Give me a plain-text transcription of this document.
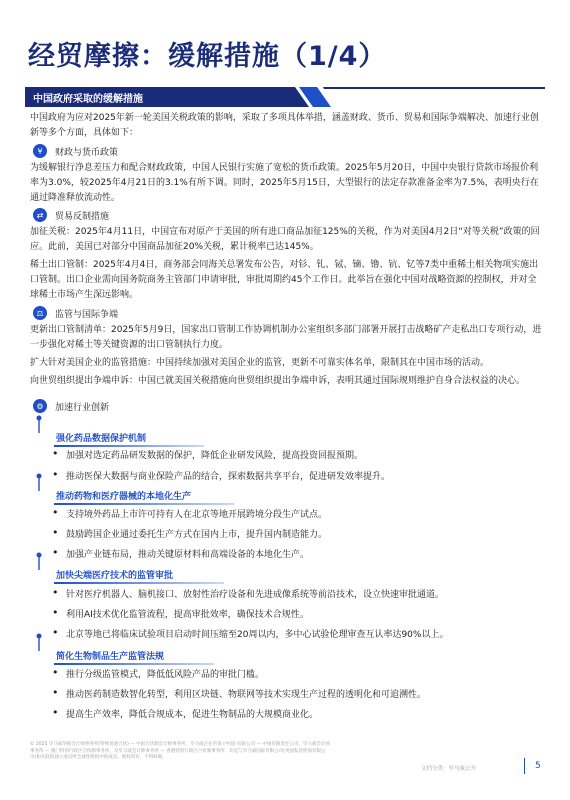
经贸摩擦：缓解措施（1/4）
中国政府采取的缓解措施
中国政府为应对2025年新一轮美国关税政策的影响，采取了多项具体举措，涵盖财政、货币、贸易和国际争端解决、加速行业创新等多个方面，具体如下：
¥	财政与货币政策
为缓解银行净息差压力和配合财政政策，中国人民银行实施了宽松的货币政策。2025年5月20日，中国中央银行贷款市场报价利率为3.0%，较2025年4月21日的3.1%有所下调。同时，2025年5月15日，大型银行的法定存款准备金率为7.5%，表明央行在通过降准释放流动性。
⇄	贸易反制措施
加征关税：2025年4月11日，中国宣布对原产于美国的所有进口商品加征125%的关税，作为对美国4月2日“对等关税”政策的回应。此前，美国已对部分中国商品加征20%关税，累计税率已达145%。
稀土出口管制：2025年4月4日，商务部会同海关总署发布公告，对钐、钆、铽、镝、镥、钪、钇等7类中重稀土相关物项实施出口管制。出口企业需向国务院商务主管部门申请审批，审批周期约45个工作日。此举旨在强化中国对战略资源的控制权，并对全球稀土市场产生深远影响。
⚖	监管与国际争端
更新出口管制清单：2025年5月9日，国家出口管制工作协调机制办公室组织多部门部署开展打击战略矿产走私出口专项行动，进一步强化对稀土等关键资源的出口管制执行力度。
扩大针对美国企业的监管措施：中国持续加强对美国企业的监管，更新不可靠实体名单，限制其在中国市场的活动。
向世贸组织提出争端申诉：中国已就美国关税措施向世贸组织提出争端申诉，表明其通过国际规则维护自身合法权益的决心。
⚙	加速行业创新
强化药品数据保护机制
• 加强对选定药品研发数据的保护，降低企业研发风险，提高投资回报预期。
• 推动医保大数据与商业保险产品的结合，探索数据共享平台，促进研发效率提升。
推动药物和医疗器械的本地化生产
• 支持境外药品上市许可持有人在北京等地开展跨境分段生产试点。
• 鼓励跨国企业通过委托生产方式在国内上市，提升国内制造能力。
• 加强产业链布局，推动关键原材料和高端设备的本地化生产。
加快尖端医疗技术的监管审批
• 针对医疗机器人、脑机接口、放射性治疗设备和先进成像系统等前沿技术，设立快速审批通道。
• 利用AI技术优化监管流程，提高审批效率，确保技术合规性。
• 北京等地已将临床试验项目启动时间压缩至20周以内，多中心试验伦理审查互认率达90%以上。
简化生物制品生产监管法规
• 推行分级监管模式，降低低风险产品的审批门槛。
• 推动医药制造数智化转型，利用区块链、物联网等技术实现生产过程的透明化和可追溯性。
• 提高生产效率，降低合规成本，促进生物制品的大规模商业化。
© 2025 毕马威华振会计师事务所(特殊普通合伙) — 中国合伙制会计师事务所，毕马威企业咨询 (中国) 有限公司 — 中国有限责任公司，毕马威会计师事务所 — 澳门特别行政区合伙制事务所，及毕马威会计师事务所 — 香港特别行政区合伙制事务所，均是与毕马威国际有限公司(英国私营担保有限公司)相关联的独立成员所全球性组织中的成员。版权所有，不得转载。
文档分类：毕马威公开	5
